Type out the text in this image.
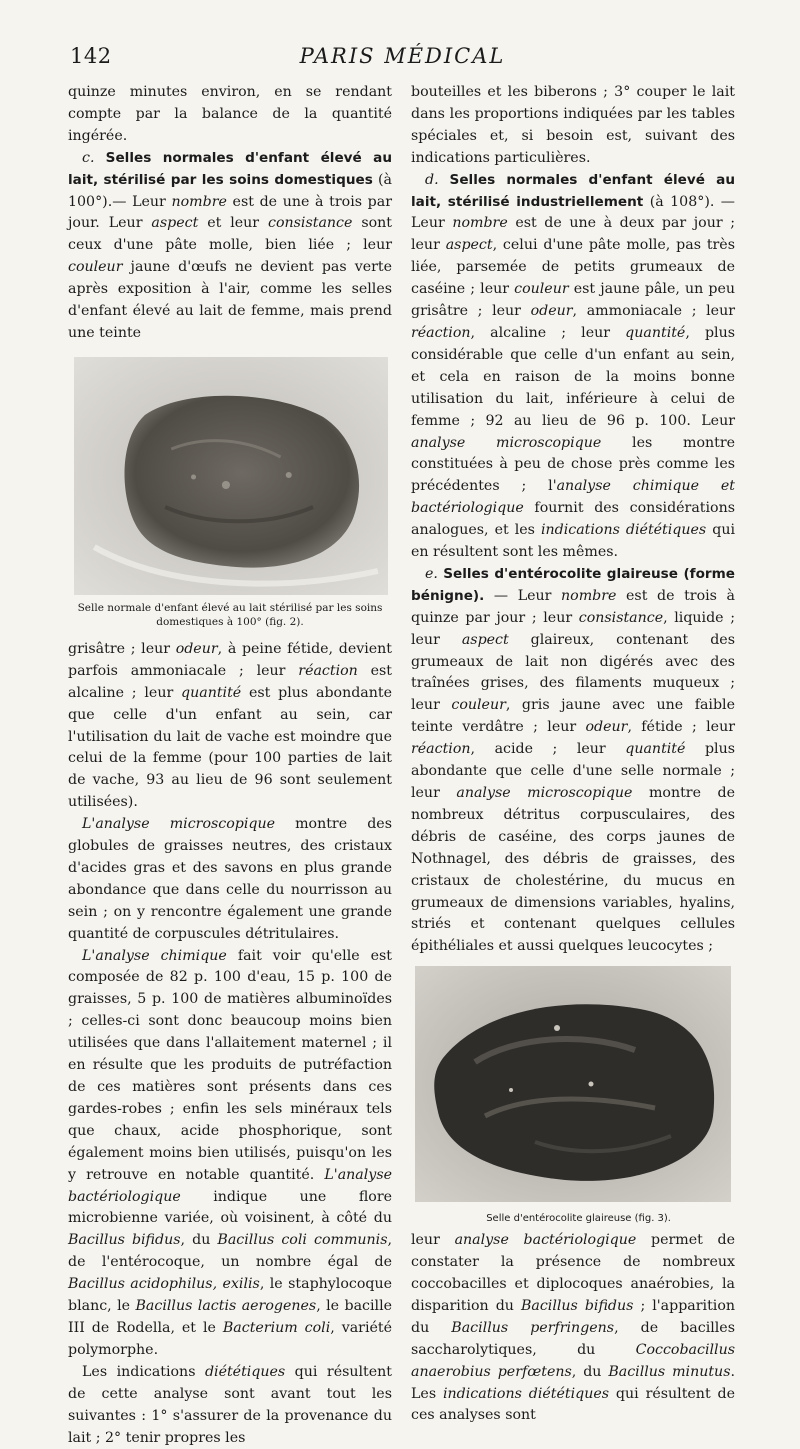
142	PARIS MÉDICAL

quinze minutes environ, en se rendant compte par la balance de la quantité ingérée.

c. Selles normales d'enfant élevé au lait, stérilisé par les soins domestiques (à 100°).— Leur nombre est de une à trois par jour. Leur aspect et leur consistance sont ceux d'une pâte molle, bien liée ; leur couleur jaune d'œufs ne devient pas verte après exposition à l'air, comme les selles d'enfant élevé au lait de femme, mais prend une teinte

Selle normale d'enfant élevé au lait stérilisé par les soins domestiques à 100° (fig. 2).

grisâtre ; leur odeur, à peine fétide, devient parfois ammoniacale ; leur réaction est alcaline ; leur quantité est plus abondante que celle d'un enfant au sein, car l'utilisation du lait de vache est moindre que celui de la femme (pour 100 parties de lait de vache, 93 au lieu de 96 sont seulement utilisées).

L'analyse microscopique montre des globules de graisses neutres, des cristaux d'acides gras et des savons en plus grande abondance que dans celle du nourrisson au sein ; on y rencontre également une grande quantité de corpuscules détritulaires.

L'analyse chimique fait voir qu'elle est composée de 82 p. 100 d'eau, 15 p. 100 de graisses, 5 p. 100 de matières albuminoïdes ; celles-ci sont donc beaucoup moins bien utilisées que dans l'allaitement maternel ; il en résulte que les produits de putréfaction de ces matières sont présents dans ces gardes-robes ; enfin les sels minéraux tels que chaux, acide phosphorique, sont également moins bien utilisés, puisqu'on les y retrouve en notable quantité. L'analyse bactériologique indique une flore microbienne variée, où voisinent, à côté du Bacillus bifidus, du Bacillus coli communis, de l'entérocoque, un nombre égal de Bacillus acidophilus, exilis, le staphylocoque blanc, le Bacillus lactis aerogenes, le bacille III de Rodella, et le Bacterium coli, variété polymorphe.

Les indications diététiques qui résultent de cette analyse sont avant tout les suivantes : 1° s'assurer de la provenance du lait ; 2° tenir propres les

bouteilles et les biberons ; 3° couper le lait dans les proportions indiquées par les tables spéciales et, si besoin est, suivant des indications particulières.

d. Selles normales d'enfant élevé au lait, stérilisé industriellement (à 108°). — Leur nombre est de une à deux par jour ; leur aspect, celui d'une pâte molle, pas très liée, parsemée de petits grumeaux de caséine ; leur couleur est jaune pâle, un peu grisâtre ; leur odeur, ammoniacale ; leur réaction, alcaline ; leur quantité, plus considérable que celle d'un enfant au sein, et cela en raison de la moins bonne utilisation du lait, inférieure à celui de femme ; 92 au lieu de 96 p. 100. Leur analyse microscopique les montre constituées à peu de chose près comme les précédentes ; l'analyse chimique et bactériologique fournit des considérations analogues, et les indications diététiques qui en résultent sont les mêmes.

e. Selles d'entérocolite glaireuse (forme bénigne). — Leur nombre est de trois à quinze par jour ; leur consistance, liquide ; leur aspect glaireux, contenant des grumeaux de lait non digérés avec des traînées grises, des filaments muqueux ; leur couleur, gris jaune avec une faible teinte verdâtre ; leur odeur, fétide ; leur réaction, acide ; leur quantité plus abondante que celle d'une selle normale ; leur analyse microscopique montre de nombreux détritus corpusculaires, des débris de caséine, des corps jaunes de Nothnagel, des débris de graisses, des cristaux de cholestérine, du mucus en grumeaux de dimensions variables, hyalins, striés et contenant quelques cellules épithéliales et aussi quelques leucocytes ;

Selle d'entérocolite glaireuse (fig. 3).

leur analyse bactériologique permet de constater la présence de nombreux coccobacilles et diplocoques anaérobies, la disparition du Bacillus bifidus ; l'apparition du Bacillus perfringens, de bacilles saccharolytiques, du Coccobacillus anaerobius perfœtens, du Bacillus minutus. Les indications diététiques qui résultent de ces analyses sont
